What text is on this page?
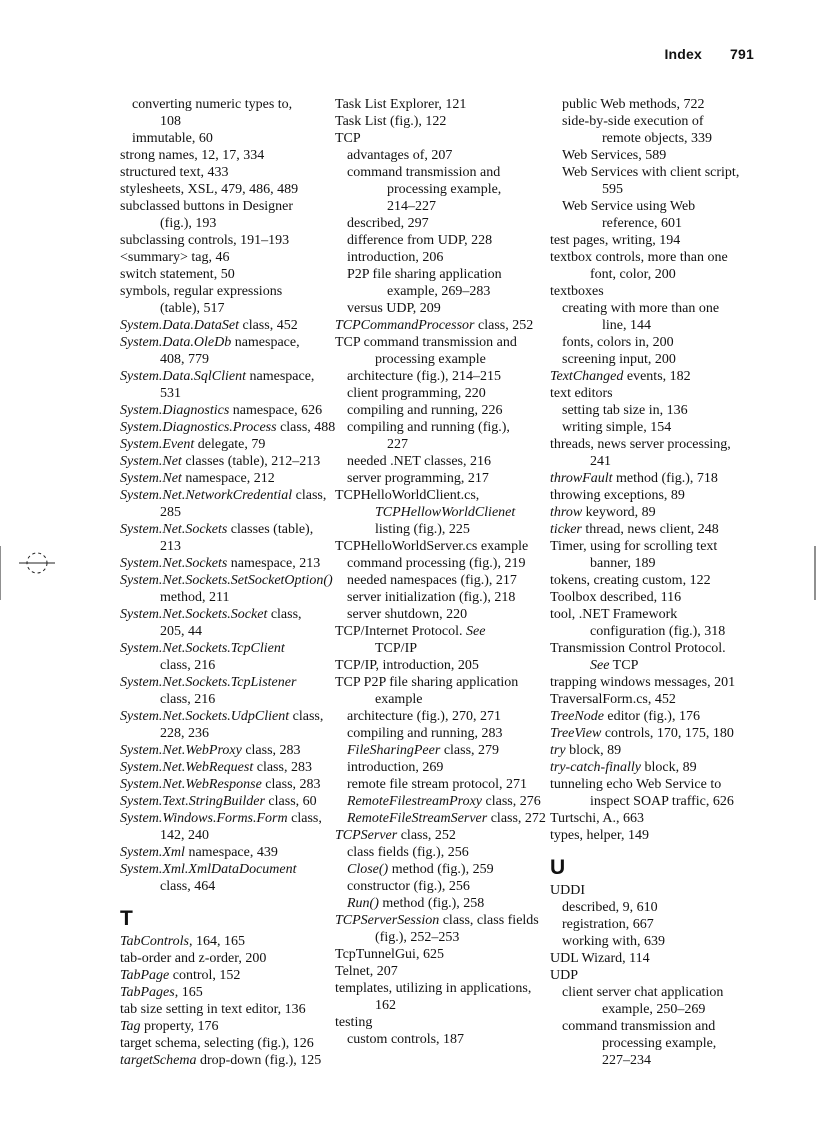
Index 791
converting numeric types to,
108
immutable, 60
strong names, 12, 17, 334
structured text, 433
stylesheets, XSL, 479, 486, 489
subclassed buttons in Designer
(fig.), 193
subclassing controls, 191–193
<summary> tag, 46
switch statement, 50
symbols, regular expressions
(table), 517
System.Data.DataSet class, 452
System.Data.OleDb namespace,
408, 779
System.Data.SqlClient namespace,
531
System.Diagnostics namespace, 626
System.Diagnostics.Process class, 488
System.Event delegate, 79
System.Net classes (table), 212–213
System.Net namespace, 212
System.Net.NetworkCredential class,
285
System.Net.Sockets classes (table),
213
System.Net.Sockets namespace, 213
System.Net.Sockets.SetSocketOption()
method, 211
System.Net.Sockets.Socket class,
205, 44
System.Net.Sockets.TcpClient
class, 216
System.Net.Sockets.TcpListener
class, 216
System.Net.Sockets.UdpClient class,
228, 236
System.Net.WebProxy class, 283
System.Net.WebRequest class, 283
System.Net.WebResponse class, 283
System.Text.StringBuilder class, 60
System.Windows.Forms.Form class,
142, 240
System.Xml namespace, 439
System.Xml.XmlDataDocument
class, 464
T
TabControls, 164, 165
tab-order and z-order, 200
TabPage control, 152
TabPages, 165
tab size setting in text editor, 136
Tag property, 176
target schema, selecting (fig.), 126
targetSchema drop-down (fig.), 125
Task List Explorer, 121
Task List (fig.), 122
TCP
advantages of, 207
command transmission and
processing example,
214–227
described, 297
difference from UDP, 228
introduction, 206
P2P file sharing application
example, 269–283
versus UDP, 209
TCPCommandProcessor class, 252
TCP command transmission and
processing example
architecture (fig.), 214–215
client programming, 220
compiling and running, 226
compiling and running (fig.),
227
needed .NET classes, 216
server programming, 217
TCPHelloWorldClient.cs,
TCPHellowWorldClienet
listing (fig.), 225
TCPHelloWorldServer.cs example
command processing (fig.), 219
needed namespaces (fig.), 217
server initialization (fig.), 218
server shutdown, 220
TCP/Internet Protocol. See
TCP/IP
TCP/IP, introduction, 205
TCP P2P file sharing application
example
architecture (fig.), 270, 271
compiling and running, 283
FileSharingPeer class, 279
introduction, 269
remote file stream protocol, 271
RemoteFilestreamProxy class, 276
RemoteFileStreamServer class, 272
TCPServer class, 252
class fields (fig.), 256
Close() method (fig.), 259
constructor (fig.), 256
Run() method (fig.), 258
TCPServerSession class, class fields
(fig.), 252–253
TcpTunnelGui, 625
Telnet, 207
templates, utilizing in applications,
162
testing
custom controls, 187
public Web methods, 722
side-by-side execution of
remote objects, 339
Web Services, 589
Web Services with client script,
595
Web Service using Web
reference, 601
test pages, writing, 194
textbox controls, more than one
font, color, 200
textboxes
creating with more than one
line, 144
fonts, colors in, 200
screening input, 200
TextChanged events, 182
text editors
setting tab size in, 136
writing simple, 154
threads, news server processing,
241
throwFault method (fig.), 718
throwing exceptions, 89
throw keyword, 89
ticker thread, news client, 248
Timer, using for scrolling text
banner, 189
tokens, creating custom, 122
Toolbox described, 116
tool, .NET Framework
configuration (fig.), 318
Transmission Control Protocol.
See TCP
trapping windows messages, 201
TraversalForm.cs, 452
TreeNode editor (fig.), 176
TreeView controls, 170, 175, 180
try block, 89
try-catch-finally block, 89
tunneling echo Web Service to
inspect SOAP traffic, 626
Turtschi, A., 663
types, helper, 149
U
UDDI
described, 9, 610
registration, 667
working with, 639
UDL Wizard, 114
UDP
client server chat application
example, 250–269
command transmission and
processing example,
227–234
